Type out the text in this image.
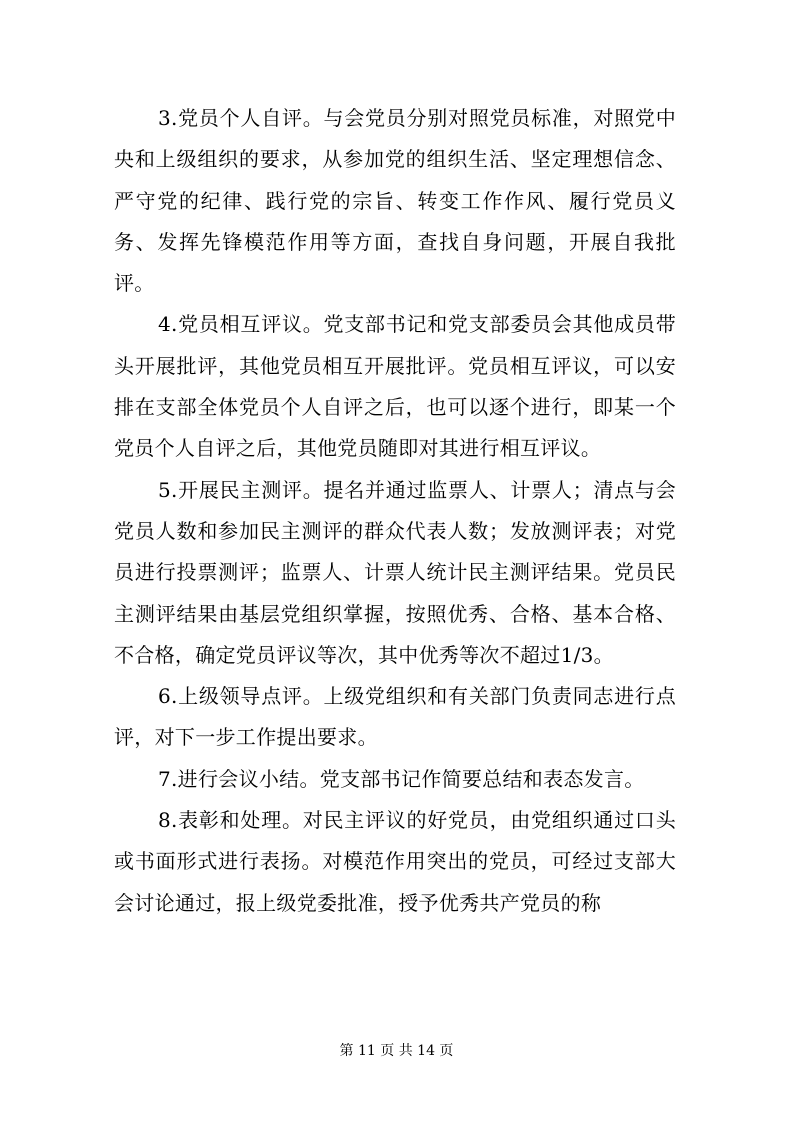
3.党员个人自评。与会党员分别对照党员标准，对照党中央和上级组织的要求，从参加党的组织生活、坚定理想信念、严守党的纪律、践行党的宗旨、转变工作作风、履行党员义务、发挥先锋模范作用等方面，查找自身问题，开展自我批评。

4.党员相互评议。党支部书记和党支部委员会其他成员带头开展批评，其他党员相互开展批评。党员相互评议，可以安排在支部全体党员个人自评之后，也可以逐个进行，即某一个党员个人自评之后，其他党员随即对其进行相互评议。

5.开展民主测评。提名并通过监票人、计票人；清点与会党员人数和参加民主测评的群众代表人数；发放测评表；对党员进行投票测评；监票人、计票人统计民主测评结果。党员民主测评结果由基层党组织掌握，按照优秀、合格、基本合格、不合格，确定党员评议等次，其中优秀等次不超过1/3。

6.上级领导点评。上级党组织和有关部门负责同志进行点评，对下一步工作提出要求。

7.进行会议小结。党支部书记作简要总结和表态发言。

8.表彰和处理。对民主评议的好党员，由党组织通过口头或书面形式进行表扬。对模范作用突出的党员，可经过支部大会讨论通过，报上级党委批准，授予优秀共产党员的称

第 11 页 共 14 页
